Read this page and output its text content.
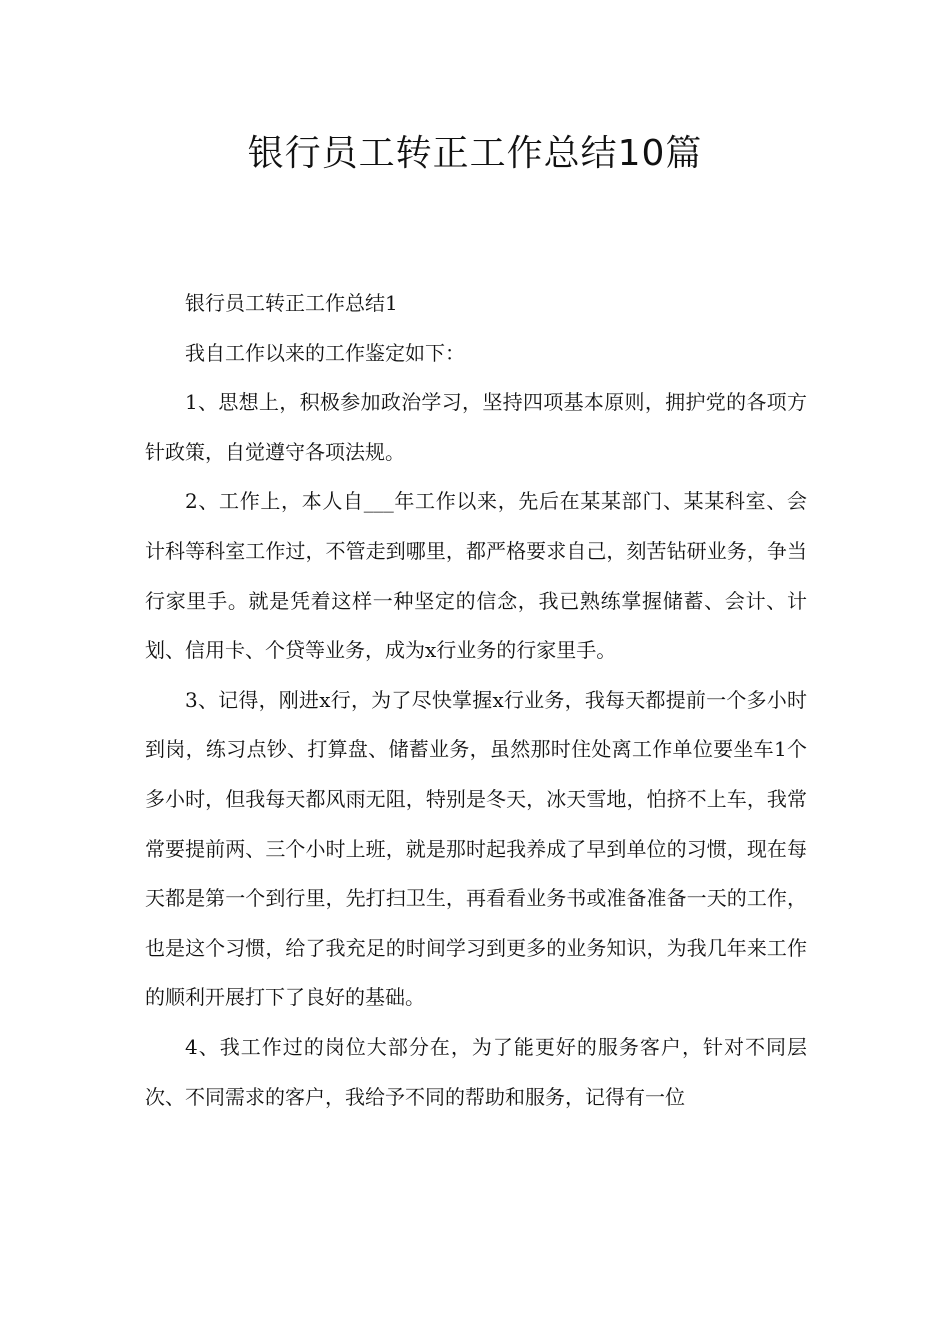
银行员工转正工作总结10篇

银行员工转正工作总结1

我自工作以来的工作鉴定如下：

1、思想上，积极参加政治学习，坚持四项基本原则，拥护党的各项方针政策，自觉遵守各项法规。

2、工作上，本人自___年工作以来，先后在某某部门、某某科室、会计科等科室工作过，不管走到哪里，都严格要求自己，刻苦钻研业务，争当行家里手。就是凭着这样一种坚定的信念，我已熟练掌握储蓄、会计、计划、信用卡、个贷等业务，成为x行业务的行家里手。

3、记得，刚进x行，为了尽快掌握x行业务，我每天都提前一个多小时到岗，练习点钞、打算盘、储蓄业务，虽然那时住处离工作单位要坐车1个多小时，但我每天都风雨无阻，特别是冬天，冰天雪地，怕挤不上车，我常常要提前两、三个小时上班，就是那时起我养成了早到单位的习惯，现在每天都是第一个到行里，先打扫卫生，再看看业务书或准备准备一天的工作，也是这个习惯，给了我充足的时间学习到更多的业务知识，为我几年来工作的顺利开展打下了良好的基础。

4、我工作过的岗位大部分在，为了能更好的服务客户，针对不同层次、不同需求的客户，我给予不同的帮助和服务，记得有一位
